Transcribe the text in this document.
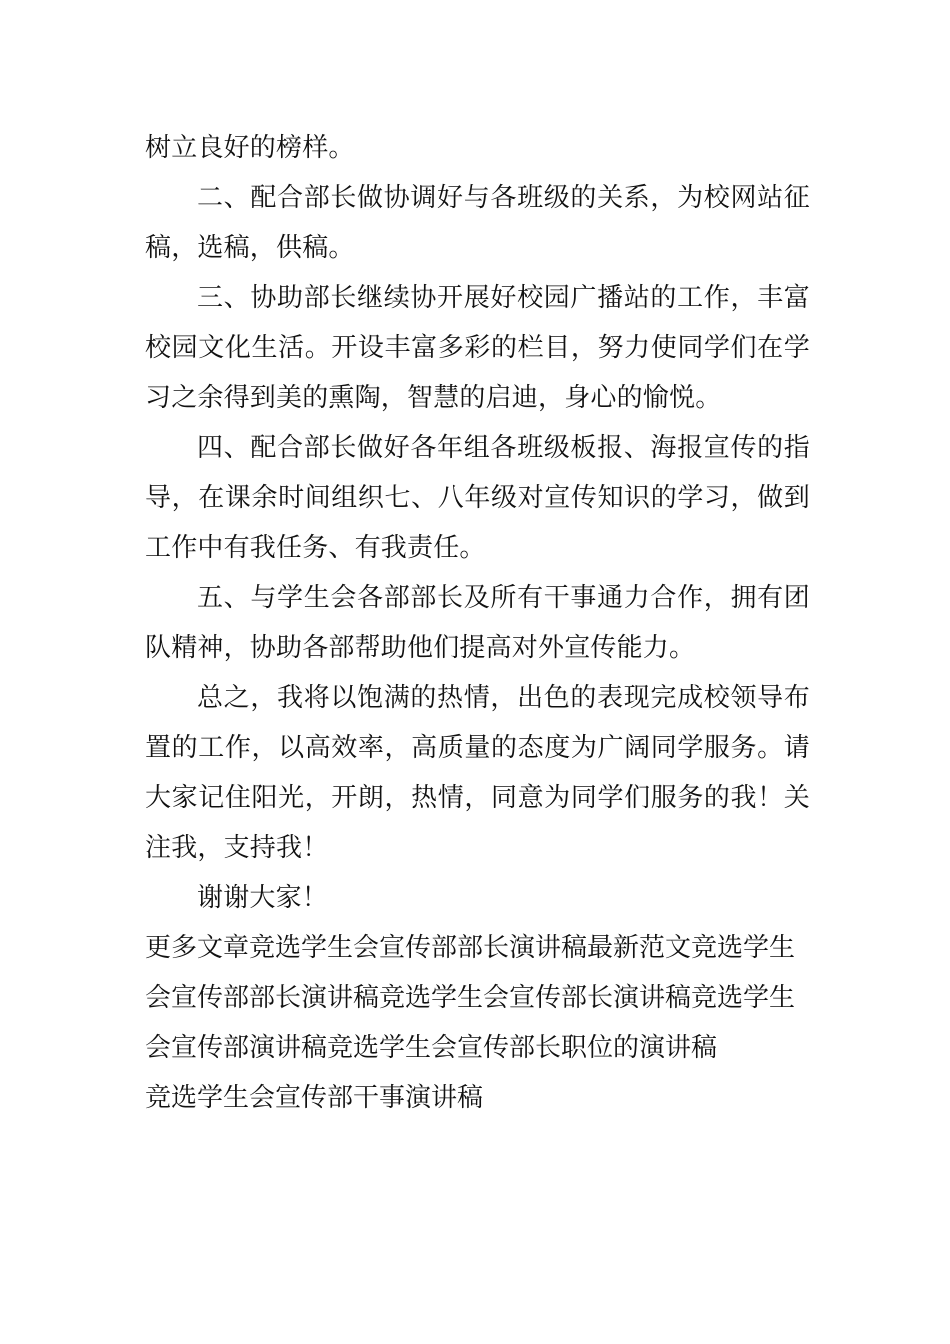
树立良好的榜样。

二、配合部长做协调好与各班级的关系，为校网站征稿，选稿，供稿。

三、协助部长继续协开展好校园广播站的工作，丰富校园文化生活。开设丰富多彩的栏目，努力使同学们在学习之余得到美的熏陶，智慧的启迪，身心的愉悦。

四、配合部长做好各年组各班级板报、海报宣传的指导，在课余时间组织七、八年级对宣传知识的学习，做到工作中有我任务、有我责任。

五、与学生会各部部长及所有干事通力合作，拥有团队精神，协助各部帮助他们提高对外宣传能力。

总之，我将以饱满的热情，出色的表现完成校领导布置的工作，以高效率，高质量的态度为广阔同学服务。请大家记住阳光，开朗，热情，同意为同学们服务的我！关注我，支持我！

谢谢大家！

更多文章竞选学生会宣传部部长演讲稿最新范文竞选学生会宣传部部长演讲稿竞选学生会宣传部长演讲稿竞选学生会宣传部演讲稿竞选学生会宣传部长职位的演讲稿

竞选学生会宣传部干事演讲稿
